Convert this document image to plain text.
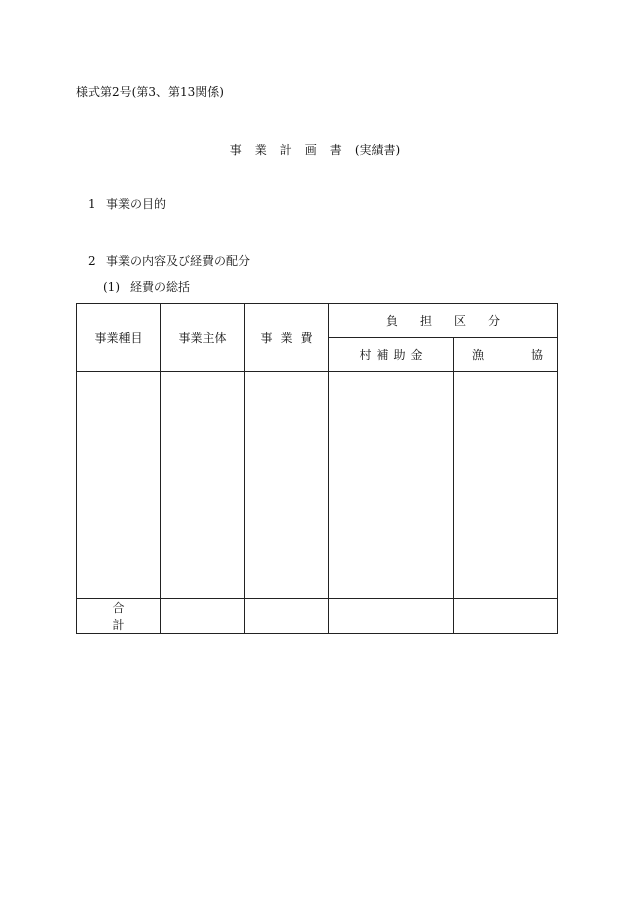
様式第2号(第3、第13関係)
事業計画書(実績書)
1 事業の目的
2 事業の内容及び経費の配分
(1) 経費の総括
事業種目	事業主体	事業費	負担区分	
			村補助金	漁 協

合計				
